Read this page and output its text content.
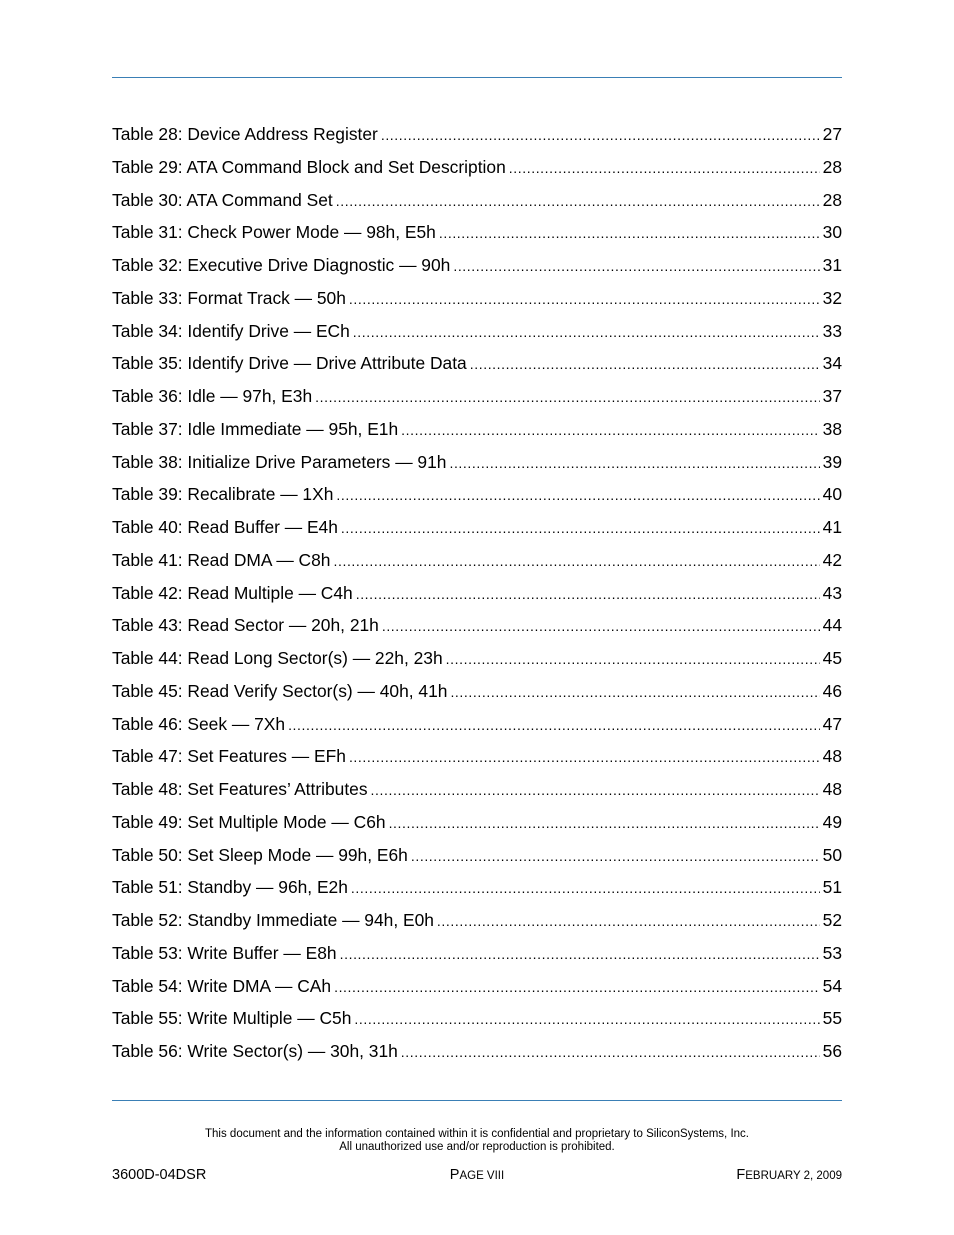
Table 28: Device Address Register .....	27
Table 29: ATA Command Block and Set Description .....	28
Table 30: ATA Command Set .....	28
Table 31: Check Power Mode — 98h, E5h .....	30
Table 32: Executive Drive Diagnostic — 90h .....	31
Table 33: Format Track — 50h .....	32
Table 34: Identify Drive — ECh .....	33
Table 35: Identify Drive — Drive Attribute Data .....	34
Table 36: Idle — 97h, E3h .....	37
Table 37: Idle Immediate — 95h, E1h .....	38
Table 38: Initialize Drive Parameters — 91h .....	39
Table 39: Recalibrate — 1Xh .....	40
Table 40: Read Buffer — E4h .....	41
Table 41: Read DMA — C8h .....	42
Table 42: Read Multiple — C4h .....	43
Table 43: Read Sector — 20h, 21h .....	44
Table 44: Read Long Sector(s) — 22h, 23h .....	45
Table 45: Read Verify Sector(s) — 40h, 41h .....	46
Table 46: Seek — 7Xh .....	47
Table 47: Set Features — EFh .....	48
Table 48: Set Features’ Attributes .....	48
Table 49: Set Multiple Mode — C6h .....	49
Table 50: Set Sleep Mode — 99h, E6h .....	50
Table 51: Standby — 96h, E2h .....	51
Table 52: Standby Immediate — 94h, E0h .....	52
Table 53: Write Buffer — E8h .....	53
Table 54: Write DMA — CAh .....	54
Table 55: Write Multiple — C5h .....	55
Table 56: Write Sector(s) — 30h, 31h .....	56
This document and the information contained within it is confidential and proprietary to SiliconSystems, Inc.
All unauthorized use and/or reproduction is prohibited.
3600D-04DSR	PAGE VIII	FEBRUARY 2, 2009
